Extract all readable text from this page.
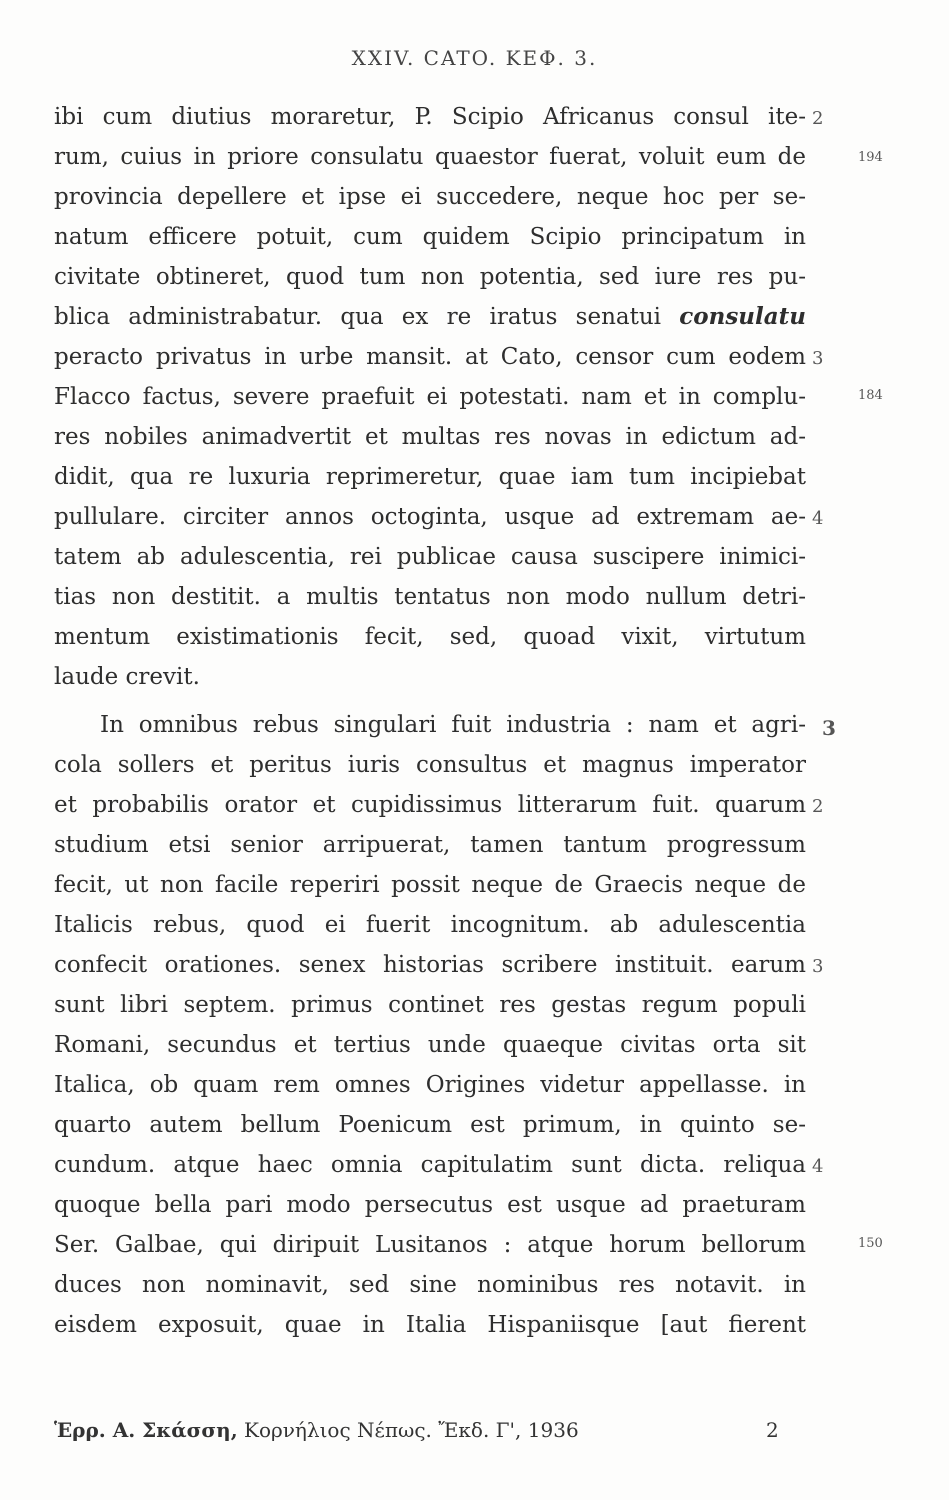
XXIV. CATO. ΚΕΦ. 3.
ibi cum diutius moraretur, P. Scipio Africanus consul ite-
rum, cuius in priore consulatu quaestor fuerat, voluit eum de
provincia depellere et ipse ei succedere, neque hoc per se-
natum efficere potuit, cum quidem Scipio principatum in
civitate obtineret, quod tum non potentia, sed iure res pu-
blica administrabatur. qua ex re iratus senatui consulatu
peracto privatus in urbe mansit. at Cato, censor cum eodem
Flacco factus, severe praefuit ei potestati. nam et in complu-
res nobiles animadvertit et multas res novas in edictum ad-
didit, qua re luxuria reprimeretur, quae iam tum incipiebat
pullulare. circiter annos octoginta, usque ad extremam ae-
tatem ab adulescentia, rei publicae causa suscipere inimici-
tias non destitit. a multis tentatus non modo nullum detri-
mentum existimationis fecit, sed, quoad vixit, virtutum
laude crevit.
In omnibus rebus singulari fuit industria : nam et agri-
cola sollers et peritus iuris consultus et magnus imperator
et probabilis orator et cupidissimus litterarum fuit. quarum
studium etsi senior arripuerat, tamen tantum progressum
fecit, ut non facile reperiri possit neque de Graecis neque de
Italicis rebus, quod ei fuerit incognitum. ab adulescentia
confecit orationes. senex historias scribere instituit. earum
sunt libri septem. primus continet res gestas regum populi
Romani, secundus et tertius unde quaeque civitas orta sit
Italica, ob quam rem omnes Origines videtur appellasse. in
quarto autem bellum Poenicum est primum, in quinto se-
cundum. atque haec omnia capitulatim sunt dicta. reliqua
quoque bella pari modo persecutus est usque ad praeturam
Ser. Galbae, qui diripuit Lusitanos : atque horum bellorum
duces non nominavit, sed sine nominibus res notavit. in
eisdem exposuit, quae in Italia Hispaniisque [aut fierent
2
3
4
3
2
3
4
194
184
150
Ἑρρ. Α. Σκάσση, Κορνήλιος Νέπως. Ἔκδ. Γ', 1936	2
